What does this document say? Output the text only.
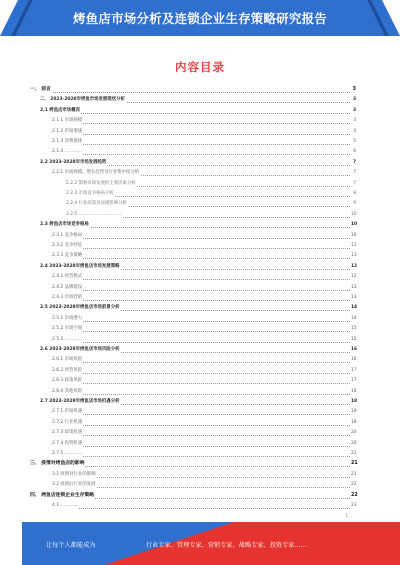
烤鱼店市场分析及连锁企业生存策略研究报告
内容目录
一、 前言	3
二、 2023-2028年烤鱼市场发展现状分析	3
2.1 烤鱼店市场概况	3
2.1.1 市场规模	3
2.1.2 市场增速	4
2.1.3 消费群体	5
2.1.4 …………	6
2.2 2023-2028年市场发展趋势	7
2.2.1 市场规模、增长趋势及行业集中度分析	7
2.2.2 影响市场发展的主要因素分析	7
2.2.3 市场竞争格局分析	8
2.2.4 行业政策及法规影响分析	9
2.2.5 …………………………	10
2.3 烤鱼店市场竞争格局	10
2.3.1 竞争格局	10
2.3.2 竞争特征	11
2.3.3 竞争策略	11
2.4 2023-2028年烤鱼店市场发展策略	12
2.4.1 经营模式	12
2.4.2 品牌建设	13
2.4.3 市场营销	13
2.5 2023-2028年烤鱼店市场前景分析	14
2.5.1 市场潜力	14
2.5.2 市场空间	15
2.5.3 …………	15
2.6 2023-2028年烤鱼店市场风险分析	16
2.6.1 市场风险	16
2.6.2 经营风险	17
2.6.3 政策风险	17
2.6.4 其他风险	18
2.7 2023-2028年烤鱼店市场机遇分析	18
2.7.1 市场机遇	19
2.7.2 行业机遇	19
2.7.3 政策机遇	20
2.7.4 投资机遇	20
2.7.5 …………	21
三、 疫情对烤鱼店的影响	21
3.1 疫情对行业的影响	21
3.2 疫情后行业的发展	22
四、 烤鱼店连锁企业生存策略	22
4.1 …………	23
1
让每个人都能成为	行业专家、管理专家、营销专家、战略专家、投资专家……
